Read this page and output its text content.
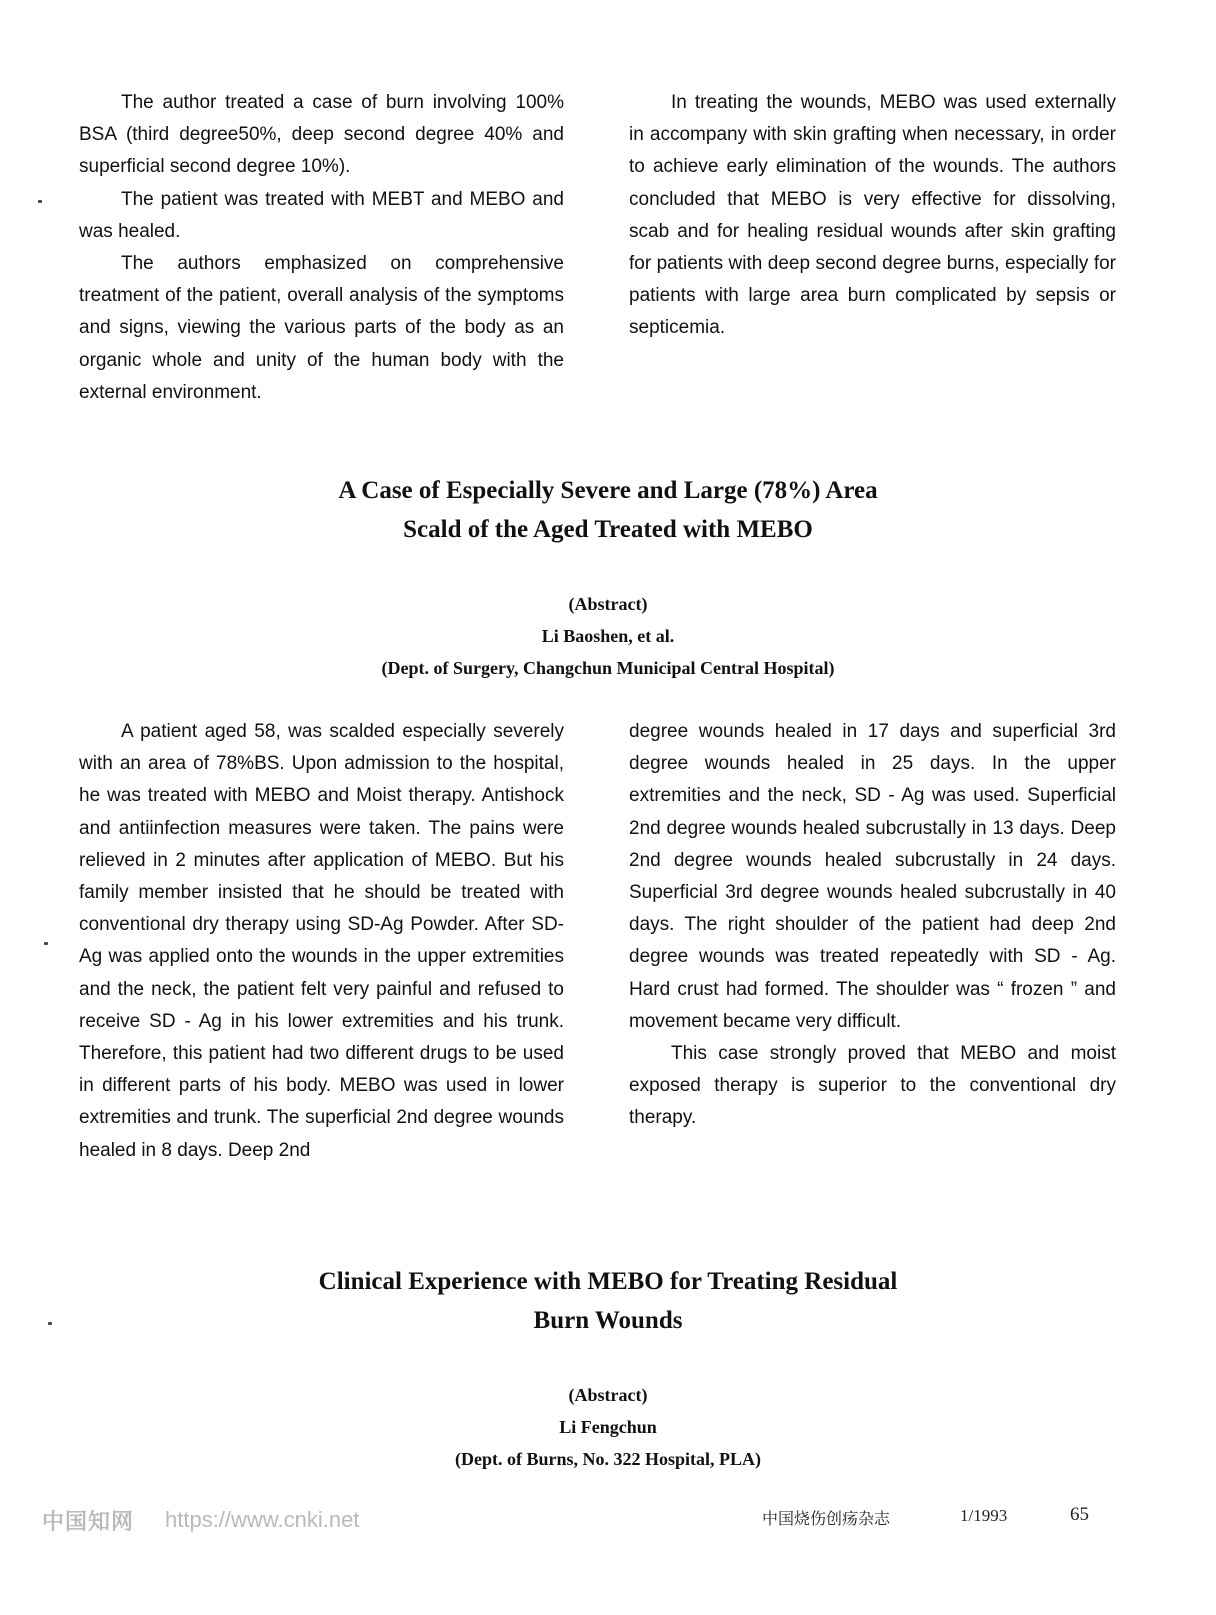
The author treated a case of burn involving 100% BSA (third degree50%, deep second degree 40% and superficial second degree 10%).

The patient was treated with MEBT and MEBO and was healed.

The authors emphasized on comprehensive treatment of the patient, overall analysis of the symptoms and signs, viewing the various parts of the body as an organic whole and unity of the human body with the external environment.

In treating the wounds, MEBO was used externally in accompany with skin grafting when necessary, in order to achieve early elimination of the wounds. The authors concluded that MEBO is very effective for dissolving, scab and for healing residual wounds after skin grafting for patients with deep second degree burns, especially for patients with large area burn complicated by sepsis or septicemia.

A Case of Especially Severe and Large (78%) Area
Scald of the Aged Treated with MEBO
(Abstract)
Li Baoshen, et al.
(Dept. of Surgery, Changchun Municipal Central Hospital)

A patient aged 58, was scalded especially severely with an area of 78%BS. Upon admission to the hospital, he was treated with MEBO and Moist therapy. Antishock and antiinfection measures were taken. The pains were relieved in 2 minutes after application of MEBO. But his family member insisted that he should be treated with conventional dry therapy using SD-Ag Powder. After SD-Ag was applied onto the wounds in the upper extremities and the neck, the patient felt very painful and refused to receive SD - Ag in his lower extremities and his trunk. Therefore, this patient had two different drugs to be used in different parts of his body. MEBO was used in lower extremities and trunk. The superficial 2nd degree wounds healed in 8 days. Deep 2nd

degree wounds healed in 17 days and superficial 3rd degree wounds healed in 25 days. In the upper extremities and the neck, SD - Ag was used. Superficial 2nd degree wounds healed subcrustally in 13 days. Deep 2nd degree wounds healed subcrustally in 24 days. Superficial 3rd degree wounds healed subcrustally in 40 days. The right shoulder of the patient had deep 2nd degree wounds was treated repeatedly with SD - Ag. Hard crust had formed. The shoulder was “ frozen ” and movement became very difficult.

This case strongly proved that MEBO and moist exposed therapy is superior to the conventional dry therapy.

Clinical Experience with MEBO for Treating Residual
Burn Wounds
(Abstract)
Li Fengchun
(Dept. of Burns, No. 322 Hospital, PLA)
中国知网 https://www.cnki.net	中国烧伤创疡杂志	1/1993	65
